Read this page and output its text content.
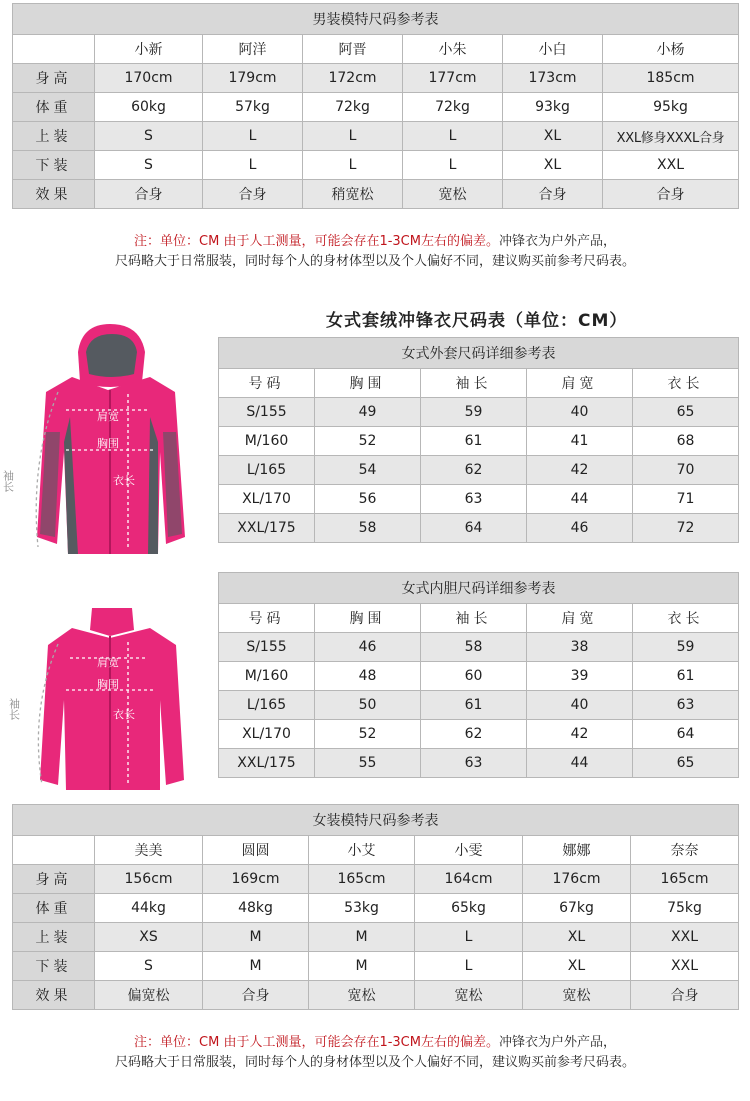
男装模特尺码参考表						
	小新	阿洋	阿晋	小朱	小白	小杨
身高	170cm	179cm	172cm	177cm	173cm	185cm
体重	60kg	57kg	72kg	72kg	93kg	95kg
上装	S	L	L	L	XL	XXL修身XXXL合身
下装	S	L	L	L	XL	XXL
效果	合身	合身	稍宽松	宽松	合身	合身
注：单位：CM 由于人工测量，可能会存在1-3CM左右的偏差。冲锋衣为户外产品，
尺码略大于日常服装，同时每个人的身材体型以及个人偏好不同，建议购买前参考尺码表。
女式套绒冲锋衣尺码表（单位：CM）
肩宽
胸围
衣长
袖长
女式外套尺码详细参考表				
号码	胸围	袖长	肩宽	衣长
S/155	49	59	40	65
M/160	52	61	41	68
L/165	54	62	42	70
XL/170	56	63	44	71
XXL/175	58	64	46	72
肩宽
胸围
衣长
袖长
女式内胆尺码详细参考表				
号码	胸围	袖长	肩宽	衣长
S/155	46	58	38	59
M/160	48	60	39	61
L/165	50	61	40	63
XL/170	52	62	42	64
XXL/175	55	63	44	65
女装模特尺码参考表						
	美美	圆圆	小艾	小雯	娜娜	奈奈
身高	156cm	169cm	165cm	164cm	176cm	165cm
体重	44kg	48kg	53kg	65kg	67kg	75kg
上装	XS	M	M	L	XL	XXL
下装	S	M	M	L	XL	XXL
效果	偏宽松	合身	宽松	宽松	宽松	合身
注：单位：CM 由于人工测量，可能会存在1-3CM左右的偏差。冲锋衣为户外产品，
尺码略大于日常服装，同时每个人的身材体型以及个人偏好不同，建议购买前参考尺码表。
